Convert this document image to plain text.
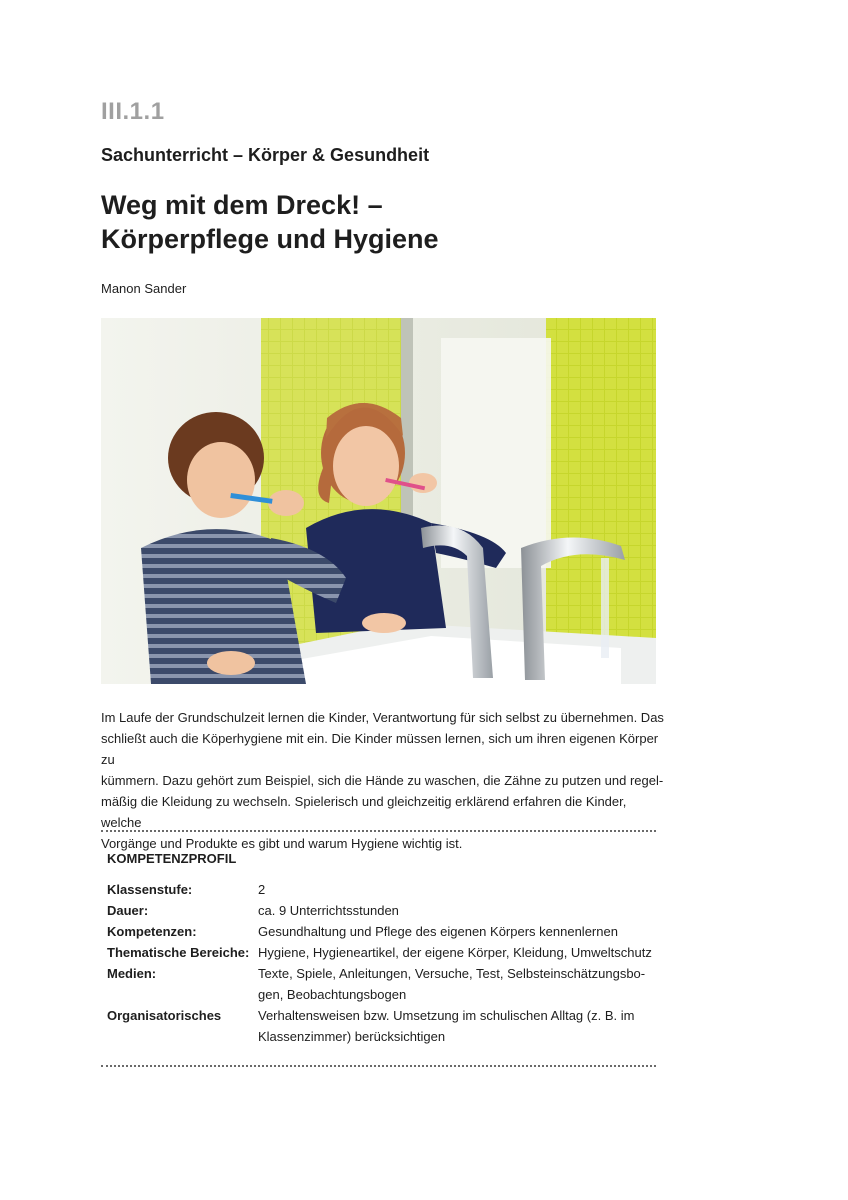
III.1.1
Sachunterricht – Körper & Gesundheit
Weg mit dem Dreck! –
Körperpflege und Hygiene
Manon Sander

Im Laufe der Grundschulzeit lernen die Kinder, Verantwortung für sich selbst zu übernehmen. Das

schließt auch die Köperhygiene mit ein. Die Kinder müssen lernen, sich um ihren eigenen Körper zu

kümmern. Dazu gehört zum Beispiel, sich die Hände zu waschen, die Zähne zu putzen und regel-

mäßig die Kleidung zu wechseln. Spielerisch und gleichzeitig erklärend erfahren die Kinder, welche

Vorgänge und Produkte es gibt und warum Hygiene wichtig ist.

KOMPETENZPROFIL
Klassenstufe:	2
Dauer:	ca. 9 Unterrichtsstunden
Kompetenzen:	Gesundhaltung und Pflege des eigenen Körpers kennenlernen
Thematische Bereiche: Hygiene, Hygieneartikel, der eigene Körper, Kleidung, Umweltschutz
Medien:	Texte, Spiele, Anleitungen, Versuche, Test, Selbsteinschätzungsbo-
gen, Beobachtungsbogen
Organisatorisches	Verhaltensweisen bzw. Umsetzung im schulischen Alltag (z. B. im
Klassenzimmer) berücksichtigen
